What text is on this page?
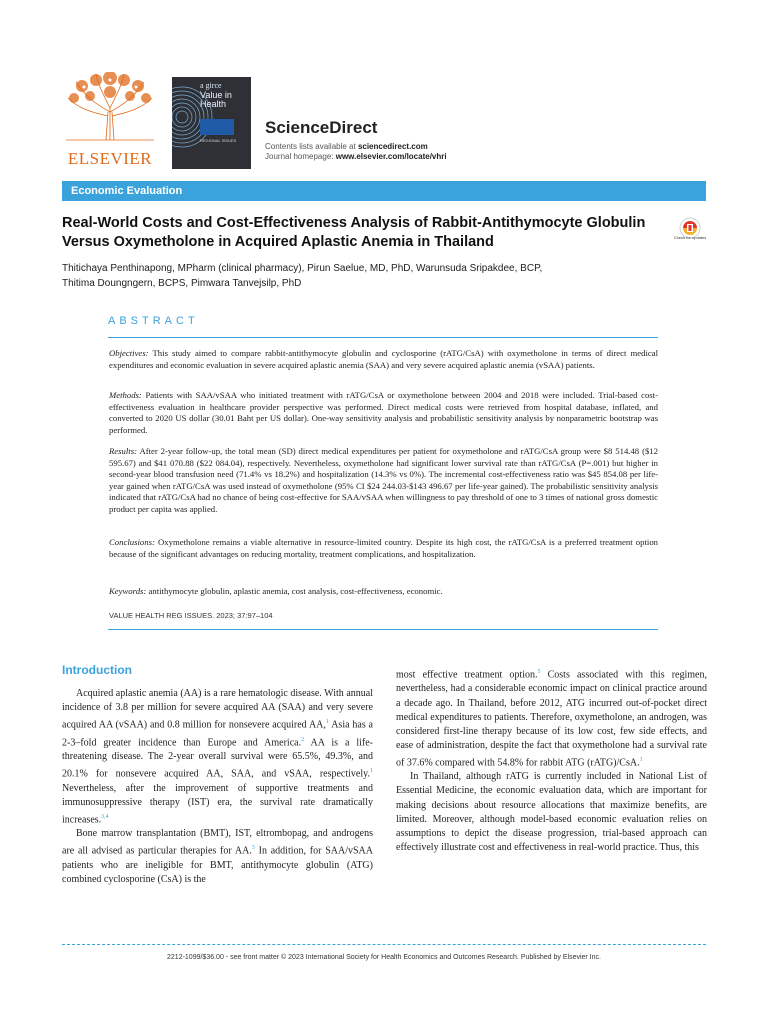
ELSEVIER
a girce
Value in Health
REGIONAL ISSUES
ScienceDirect
Contents lists available at sciencedirect.com
Journal homepage: www.elsevier.com/locate/vhri
Economic Evaluation
Real-World Costs and Cost-Effectiveness Analysis of Rabbit-Antithymocyte Globulin Versus Oxymetholone in Acquired Aplastic Anemia in Thailand	Check for updates
Thitichaya Penthinapong, MPharm (clinical pharmacy), Pirun Saelue, MD, PhD, Warunsuda Sripakdee, BCP,
Thitima Doungngern, BCPS, Pimwara Tanvejsilp, PhD
ABSTRACT
Objectives: This study aimed to compare rabbit-antithymocyte globulin and cyclosporine (rATG/CsA) with oxymetholone in terms of direct medical expenditures and economic evaluation in severe acquired aplastic anemia (SAA) and very severe acquired aplastic anemia (vSAA) patients.
Methods: Patients with SAA/vSAA who initiated treatment with rATG/CsA or oxymetholone between 2004 and 2018 were included. Trial-based cost-effectiveness evaluation in healthcare provider perspective was performed. Direct medical costs were retrieved from hospital database, inflated, and converted to 2020 US dollar (30.01 Baht per US dollar). One-way sensitivity analysis and probabilistic sensitivity analysis by nonparametric bootstrap was performed.
Results: After 2-year follow-up, the total mean (SD) direct medical expenditures per patient for oxymetholone and rATG/CsA group were $8 514.48 ($12 595.67) and $41 070.88 ($22 084.04), respectively. Nevertheless, oxymetholone had significant lower survival rate than rATG/CsA (P=.001) but higher in second-year blood transfusion need (71.4% vs 18.2%) and hospitalization (14.3% vs 0%). The incremental cost-effectiveness ratio was $45 854.08 per life-year gained when rATG/CsA was used instead of oxymetholone (95% CI $24 244.03-$143 496.67 per life-year gained). The probabilistic sensitivity analysis indicated that rATG/CsA had no chance of being cost-effective for SAA/vSAA when willingness to pay threshold of one to 3 times of national gross domestic product per capita was applied.
Conclusions: Oxymetholone remains a viable alternative in resource-limited country. Despite its high cost, the rATG/CsA is a preferred treatment option because of the significant advantages on reducing mortality, treatment complications, and hospitalization.
Keywords: antithymocyte globulin, aplastic anemia, cost analysis, cost-effectiveness, economic.
VALUE HEALTH REG ISSUES. 2023; 37:97–104
Introduction

Acquired aplastic anemia (AA) is a rare hematologic disease. With annual incidence of 3.8 per million for severe acquired AA (SAA) and very severe acquired AA (vSAA) and 0.8 million for nonsevere acquired AA,$^1$ Asia has a 2-3–fold greater incidence than Europe and America.$^2$ AA is a life-threatening disease. The 2-year overall survival were 65.5%, 49.3%, and 20.1% for nonsevere acquired AA, SAA, and vSAA, respectively.$^1$ Nevertheless, after the improvement of supportive treatments and immunosuppressive therapy (IST) era, the survival rate dramatically increases.$^{3,4}$

Bone marrow transplantation (BMT), IST, eltrombopag, and androgens are all advised as particular therapies for AA.$^5$ In addition, for SAA/vSAA patients who are ineligible for BMT, antithymocyte globulin (ATG) combined cyclosporine (CsA) is the

most effective treatment option.$^5$ Costs associated with this regimen, nevertheless, had a considerable economic impact on clinical practice around a decade ago. In Thailand, before 2012, ATG incurred out-of-pocket direct medical expenditures to patients. Therefore, oxymetholone, an androgen, was considered first-line therapy because of its low cost, few side effects, and ease of administration, despite the fact that oxymetholone had a survival rate of 37.6% compared with 54.8% for rabbit ATG (rATG)/CsA.$^1$

In Thailand, although rATG is currently included in National List of Essential Medicine, the economic evaluation data, which are important for making decisions about resource allocations that maximize benefits, are limited. Moreover, although model-based economic evaluation relies on assumptions to depict the disease progression, trial-based approach can effectively illustrate cost and effectiveness in real-world practice. Thus, this

2212-1099/$36.00 - see front matter © 2023 International Society for Health Economics and Outcomes Research. Published by Elsevier Inc.
